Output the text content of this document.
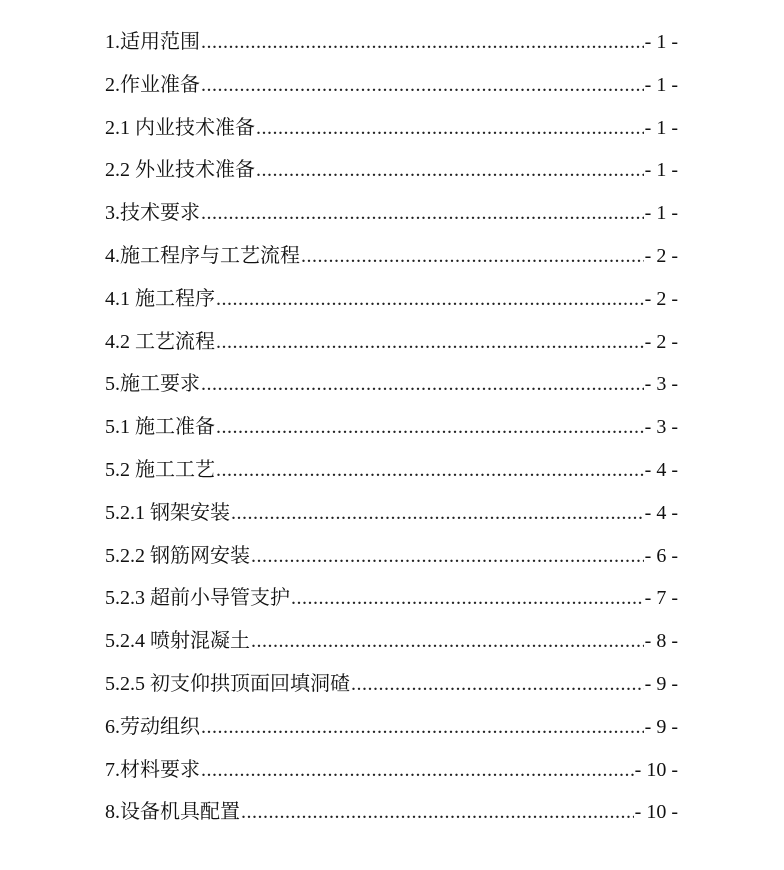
1.适用范围 .....	- 1 -
2.作业准备 .....	- 1 -
2.1 内业技术准备 .....	- 1 -
2.2 外业技术准备 .....	- 1 -
3.技术要求 .....	- 1 -
4.施工程序与工艺流程 .....	- 2 -
4.1 施工程序 .....	- 2 -
4.2 工艺流程 .....	- 2 -
5.施工要求 .....	- 3 -
5.1 施工准备 .....	- 3 -
5.2 施工工艺 .....	- 4 -
5.2.1 钢架安装 .....	- 4 -
5.2.2 钢筋网安装 .....	- 6 -
5.2.3 超前小导管支护 .....	- 7 -
5.2.4 喷射混凝土 .....	- 8 -
5.2.5 初支仰拱顶面回填洞碴 .....	- 9 -
6.劳动组织 .....	- 9 -
7.材料要求 .....	- 10 -
8.设备机具配置 .....	- 10 -
